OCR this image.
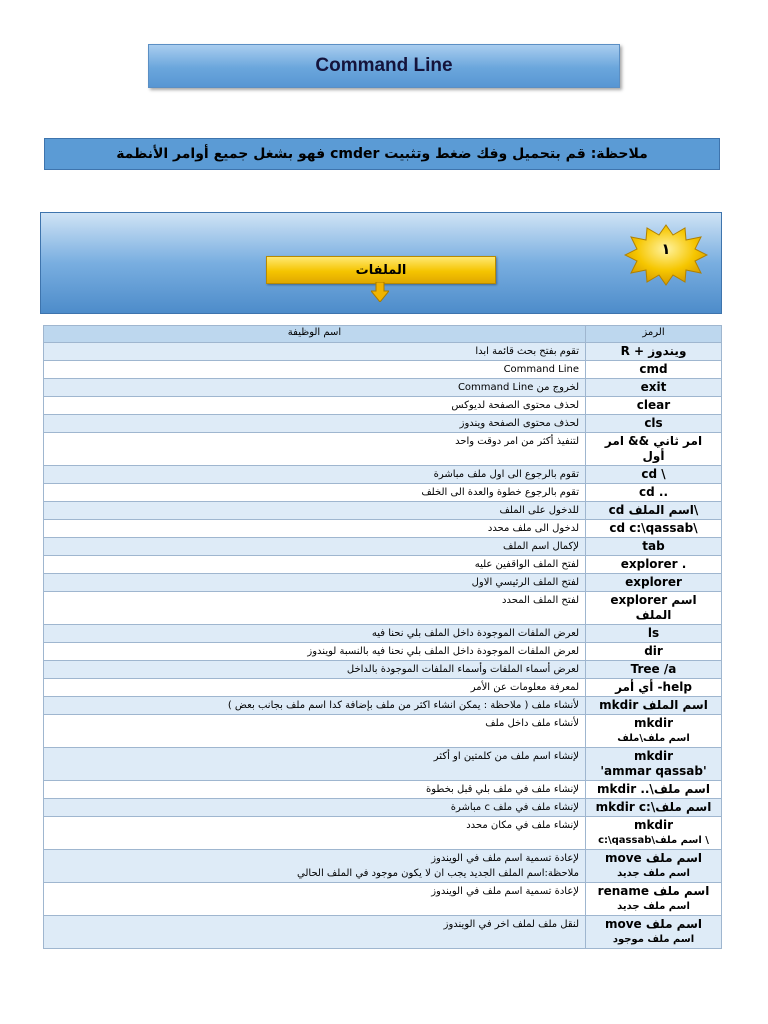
Command Line
ملاحظة: قم بتحميل وفك ضغط وتثبيت cmder فهو بشغل جميع أوامر الأنظمة
١
الملفات
اسم الوظيفة	الرمز
تقوم بفتح بحث قائمة ابدا	R + ويندوز

Command Line	cmd

لخروج من Command Line	exit

لحذف محتوى الصفحة لديوكس	clear

لحذف محتوى الصفحة ويندوز	cls

لتنفيذ أكثر من امر دوقت واحد	امر ثاني && امر أول

تقوم بالرجوع الى اول ملف مباشرة	cd \

تقوم بالرجوع خطوة والعدة الى الخلف	cd ..

للدخول على الملف	cd اسم الملف\

لدخول الى ملف محدد	cd c:\qassab\

لإكمال اسم الملف	tab

لفتح الملف الواقفين عليه	explorer .

لفتح الملف الرئيسي الاول	explorer

لفتح الملف المحدد	explorer اسم الملف

لعرض الملفات الموجودة داخل الملف بلي نحنا فيه	ls

لعرض الملفات الموجودة داخل الملف بلي نحنا فيه بالنسبة لويندوز	dir

لعرض أسماء الملفات وأسماء الملفات الموجودة بالداخل	Tree /a

لمعرفة معلومات عن الأمر	أي أمر -help

لأنشاء ملف ( ملاحظة : يمكن انشاء اكثر من ملف بإضافة كدا اسم ملف بجانب بعض )	mkdir اسم الملف

لأنشاء ملف داخل ملف	mkdir
اسم ملف\ملف

لإنشاء اسم ملف من كلمتين او أكثر	mkdir
'ammar qassab'

لإنشاء ملف في ملف بلي قبل بخطوة	mkdir ..\اسم ملف

لإنشاء ملف في ملف c مباشرة	mkdir c:\اسم ملف

لإنشاء ملف في مكان محدد	mkdir
c:\qassab\اسم ملف \

لإعادة تسمية اسم ملف في الويندوز
ملاحظة:اسم الملف الجديد يجب ان لا يكون موجود في الملف الحالي	move اسم ملف
اسم ملف جديد

لإعادة تسمية اسم ملف في الويندوز	rename اسم ملف
اسم ملف جديد

لنقل ملف لملف اخر في الويندوز	move اسم ملف
اسم ملف موجود
